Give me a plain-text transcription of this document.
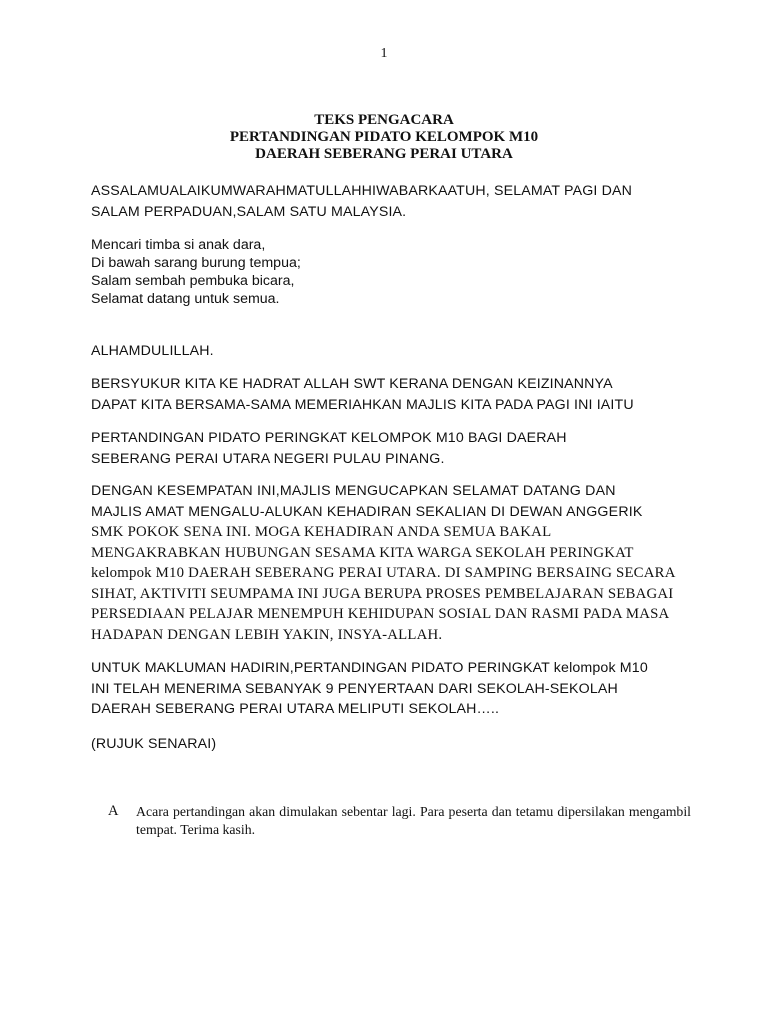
1
TEKS PENGACARA
PERTANDINGAN PIDATO KELOMPOK M10
DAERAH SEBERANG PERAI UTARA
ASSALAMUALAIKUMWARAHMATULLAHHIWABARKAATUH, SELAMAT PAGI DAN
SALAM PERPADUAN,SALAM SATU MALAYSIA.
Mencari timba si anak dara,
Di bawah sarang burung tempua;
Salam sembah pembuka bicara,
Selamat datang untuk semua.
ALHAMDULILLAH.
BERSYUKUR KITA KE HADRAT ALLAH SWT KERANA DENGAN KEIZINANNYA
DAPAT KITA BERSAMA-SAMA MEMERIAHKAN MAJLIS KITA PADA PAGI INI IAITU
PERTANDINGAN PIDATO PERINGKAT KELOMPOK M10 BAGI DAERAH
SEBERANG PERAI UTARA NEGERI PULAU PINANG.
DENGAN KESEMPATAN INI,MAJLIS MENGUCAPKAN SELAMAT DATANG DAN
MAJLIS AMAT MENGALU-ALUKAN KEHADIRAN SEKALIAN DI DEWAN ANGGERIK
SMK POKOK SENA INI. MOGA KEHADIRAN ANDA SEMUA BAKAL
MENGAKRABKAN HUBUNGAN SESAMA KITA WARGA SEKOLAH PERINGKAT
kelompok M10 DAERAH SEBERANG PERAI UTARA. DI SAMPING BERSAING SECARA
SIHAT, AKTIVITI SEUMPAMA INI JUGA BERUPA PROSES PEMBELAJARAN SEBAGAI
PERSEDIAAN PELAJAR MENEMPUH KEHIDUPAN SOSIAL DAN RASMI PADA MASA
HADAPAN DENGAN LEBIH YAKIN, INSYA-ALLAH.
UNTUK MAKLUMAN HADIRIN,PERTANDINGAN PIDATO PERINGKAT kelompok M10
INI TELAH MENERIMA SEBANYAK 9 PENYERTAAN DARI SEKOLAH-SEKOLAH
DAERAH SEBERANG PERAI UTARA MELIPUTI SEKOLAH…..
(RUJUK SENARAI)
A Acara pertandingan akan dimulakan sebentar lagi. Para peserta dan tetamu dipersilakan mengambil tempat. Terima kasih.
